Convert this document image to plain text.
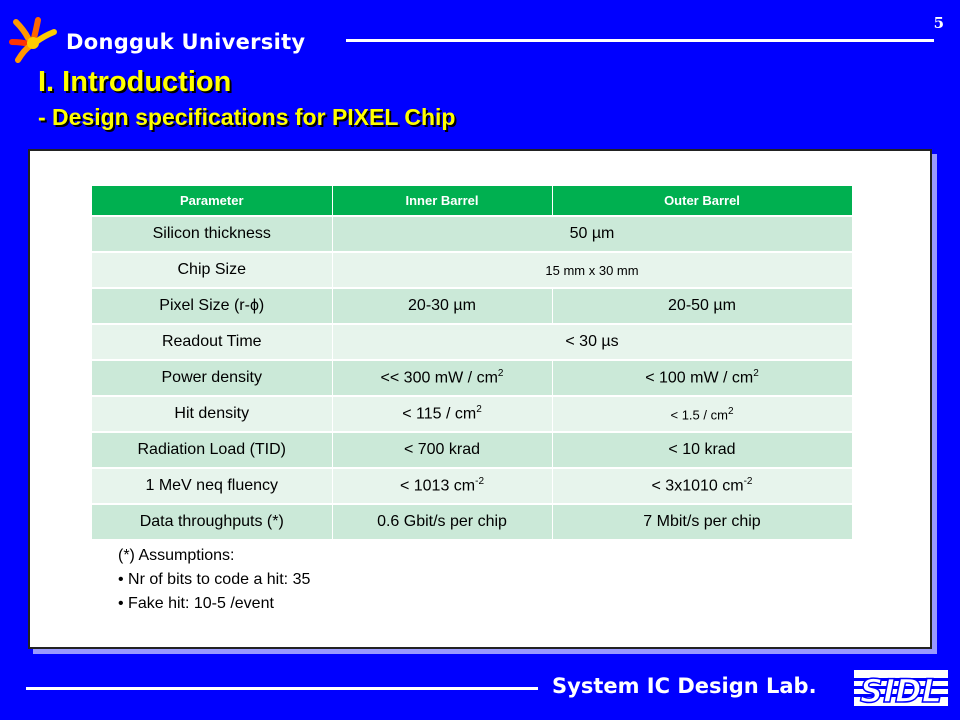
Dongguk University
5
I. Introduction
- Design specifications for PIXEL Chip
Parameter	Inner Barrel	Outer Barrel
Silicon thickness	50 µm	
Chip Size	15 mm x 30 mm	
Pixel Size (r-ϕ)	20-30 µm	20-50 µm
Readout Time	< 30 µs	
Power density	<< 300 mW / $cm^2$	< 100 mW / $cm^2$
Hit density	< $115 / cm^2$	< $1.5 / cm^2$
Radiation Load (TID)	< 700 krad	< 10 krad
1 MeV neq fluency	< 1013 $cm^{-2}$	< 3x1010 $cm^{-2}$
Data throughputs (*)	0.6 Gbit/s per chip	7 Mbit/s per chip
(*) Assumptions:
• Nr of bits to code a hit: 35
• Fake hit: 10-5 /event
System IC Design Lab. SIDL
